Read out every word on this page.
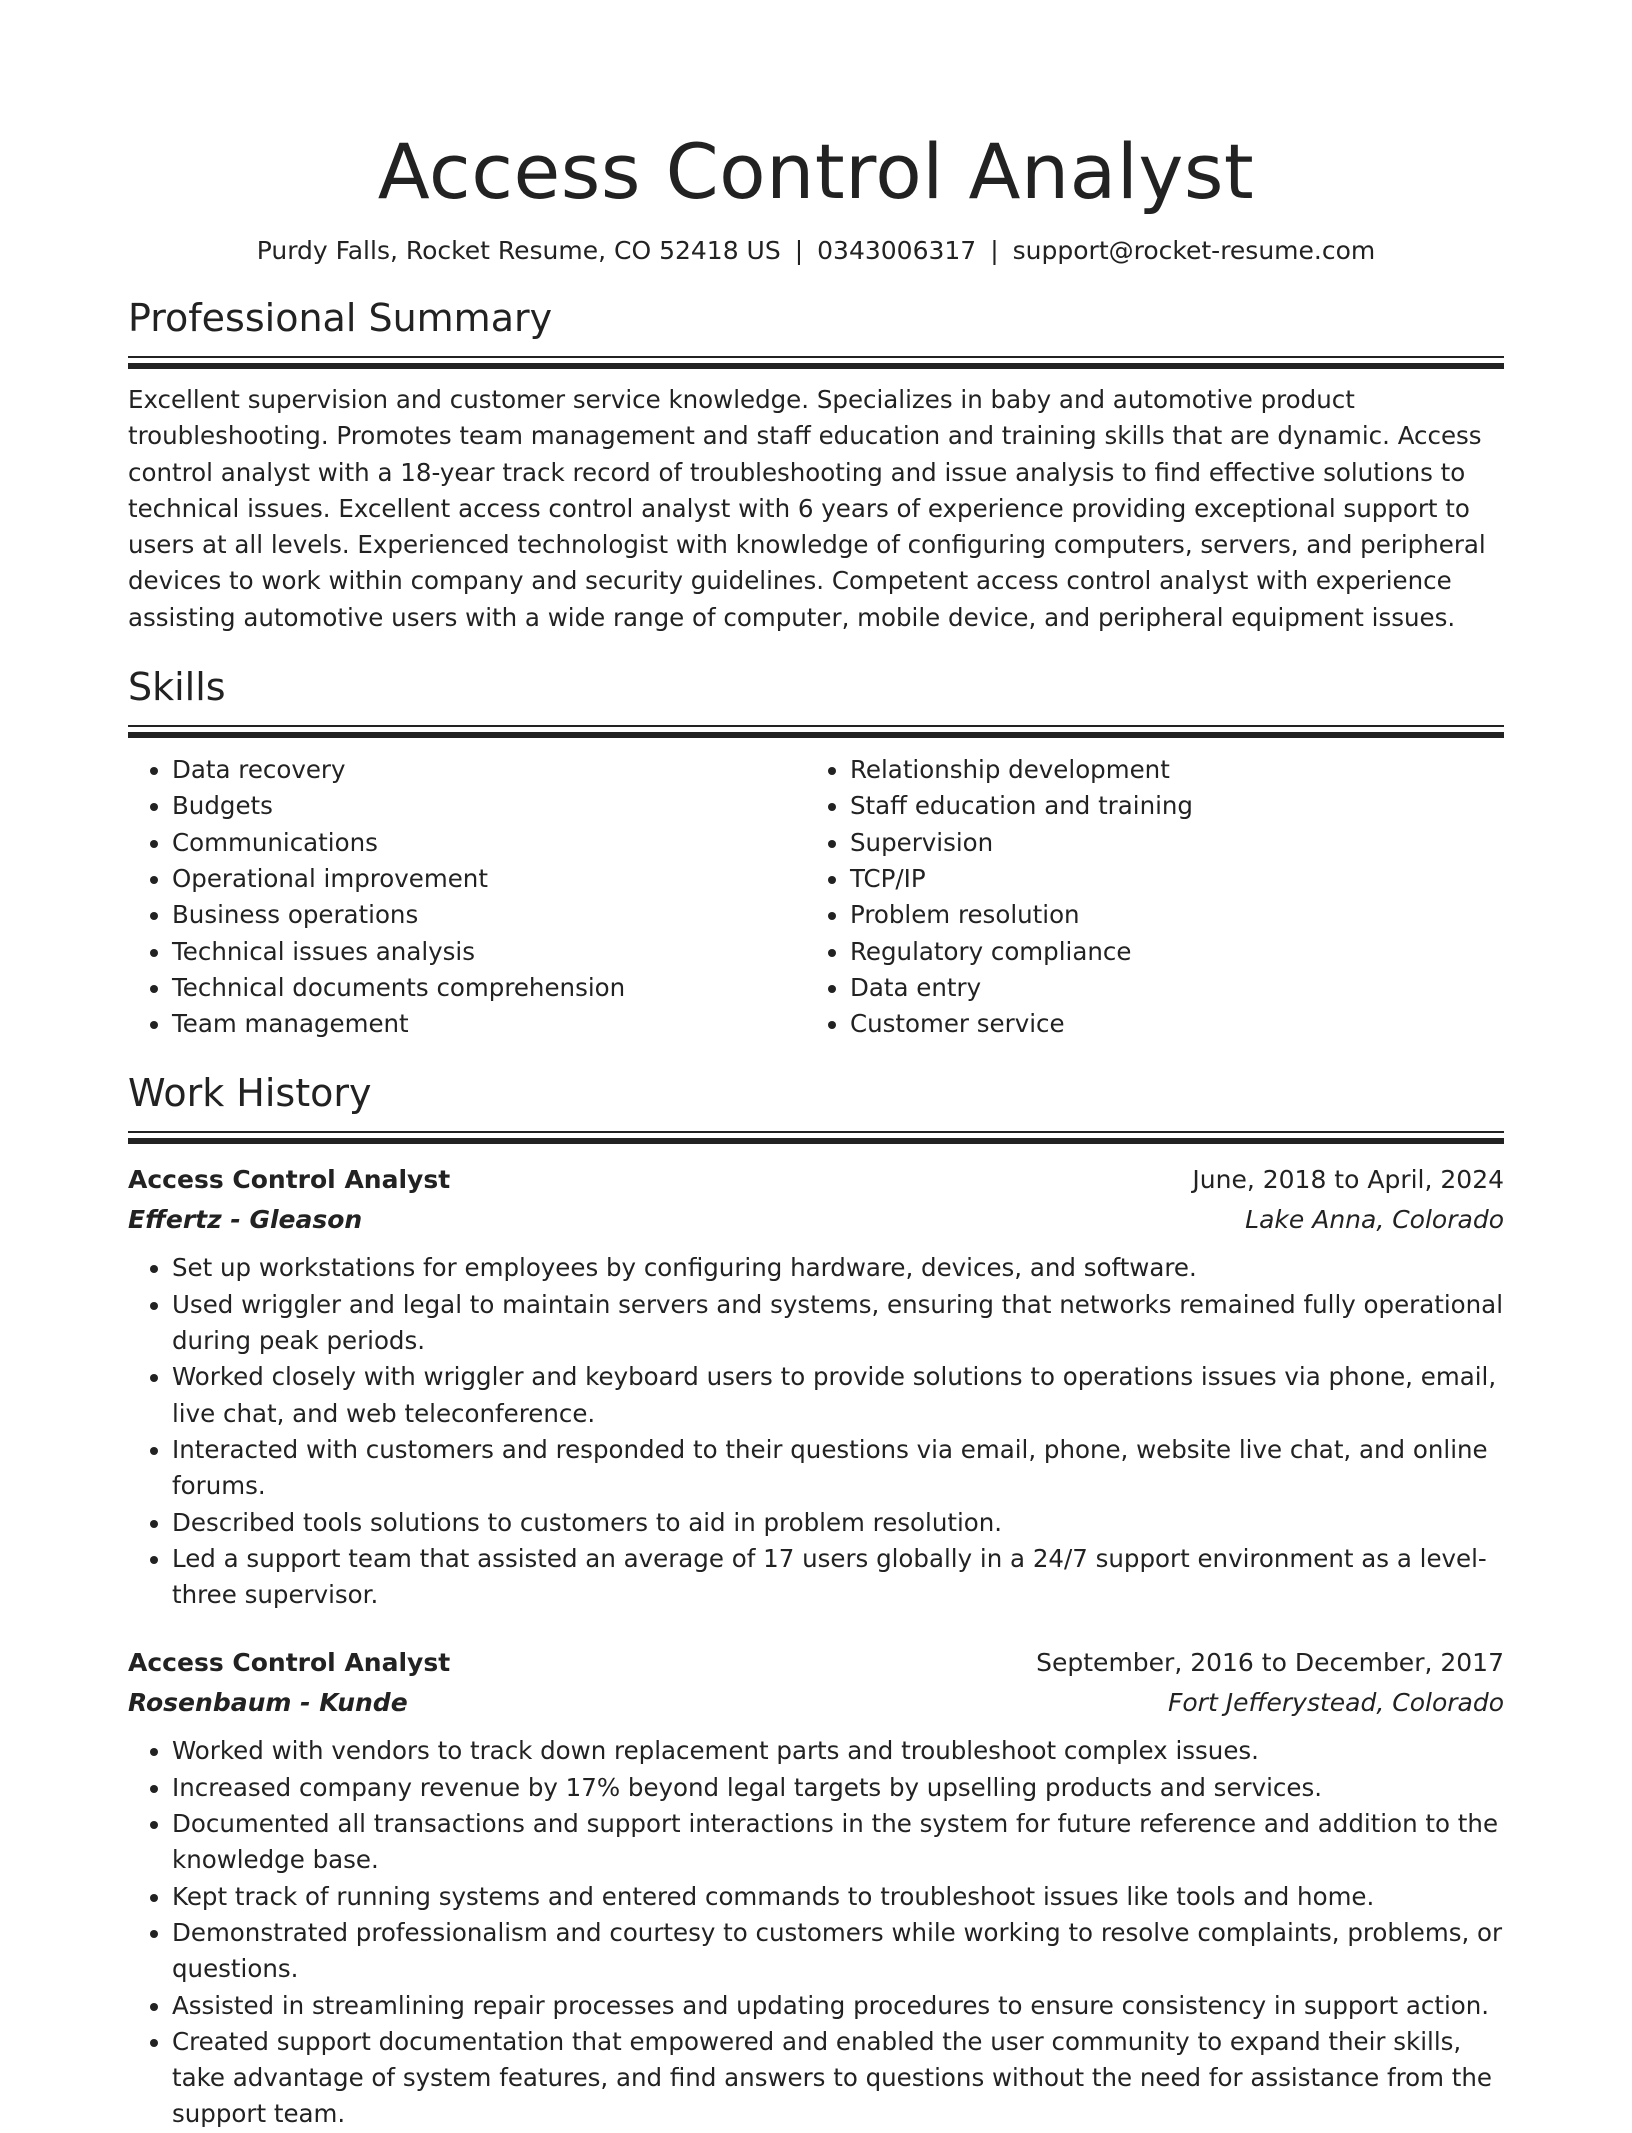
Access Control Analyst
Purdy Falls, Rocket Resume, CO 52418 US | 0343006317 | support@rocket-resume.com
Professional Summary

Excellent supervision and customer service knowledge. Specializes in baby and automotive product troubleshooting. Promotes team management and staff education and training skills that are dynamic. Access control analyst with a 18-year track record of troubleshooting and issue analysis to find effective solutions to technical issues. Excellent access control analyst with 6 years of experience providing exceptional support to users at all levels. Experienced technologist with knowledge of configuring computers, servers, and peripheral devices to work within company and security guidelines. Competent access control analyst with experience assisting automotive users with a wide range of computer, mobile device, and peripheral equipment issues.

Skills
• Data recovery
• Budgets
• Communications
• Operational improvement
• Business operations
• Technical issues analysis
• Technical documents comprehension
• Team management
• Relationship development
• Staff education and training
• Supervision
• TCP/IP
• Problem resolution
• Regulatory compliance
• Data entry
• Customer service
Work History
Access Control Analyst	June, 2018 to April, 2024
Effertz - Gleason	Lake Anna, Colorado
• Set up workstations for employees by configuring hardware, devices, and software.
• Used wriggler and legal to maintain servers and systems, ensuring that networks remained fully operational during peak periods.
• Worked closely with wriggler and keyboard users to provide solutions to operations issues via phone, email, live chat, and web teleconference.
• Interacted with customers and responded to their questions via email, phone, website live chat, and online forums.
• Described tools solutions to customers to aid in problem resolution.
• Led a support team that assisted an average of 17 users globally in a 24/7 support environment as a level-three supervisor.
Access Control Analyst	September, 2016 to December, 2017
Rosenbaum - Kunde	Fort Jefferystead, Colorado
• Worked with vendors to track down replacement parts and troubleshoot complex issues.
• Increased company revenue by 17% beyond legal targets by upselling products and services.
• Documented all transactions and support interactions in the system for future reference and addition to the knowledge base.
• Kept track of running systems and entered commands to troubleshoot issues like tools and home.
• Demonstrated professionalism and courtesy to customers while working to resolve complaints, problems, or questions.
• Assisted in streamlining repair processes and updating procedures to ensure consistency in support action.
• Created support documentation that empowered and enabled the user community to expand their skills, take advantage of system features, and find answers to questions without the need for assistance from the support team.
